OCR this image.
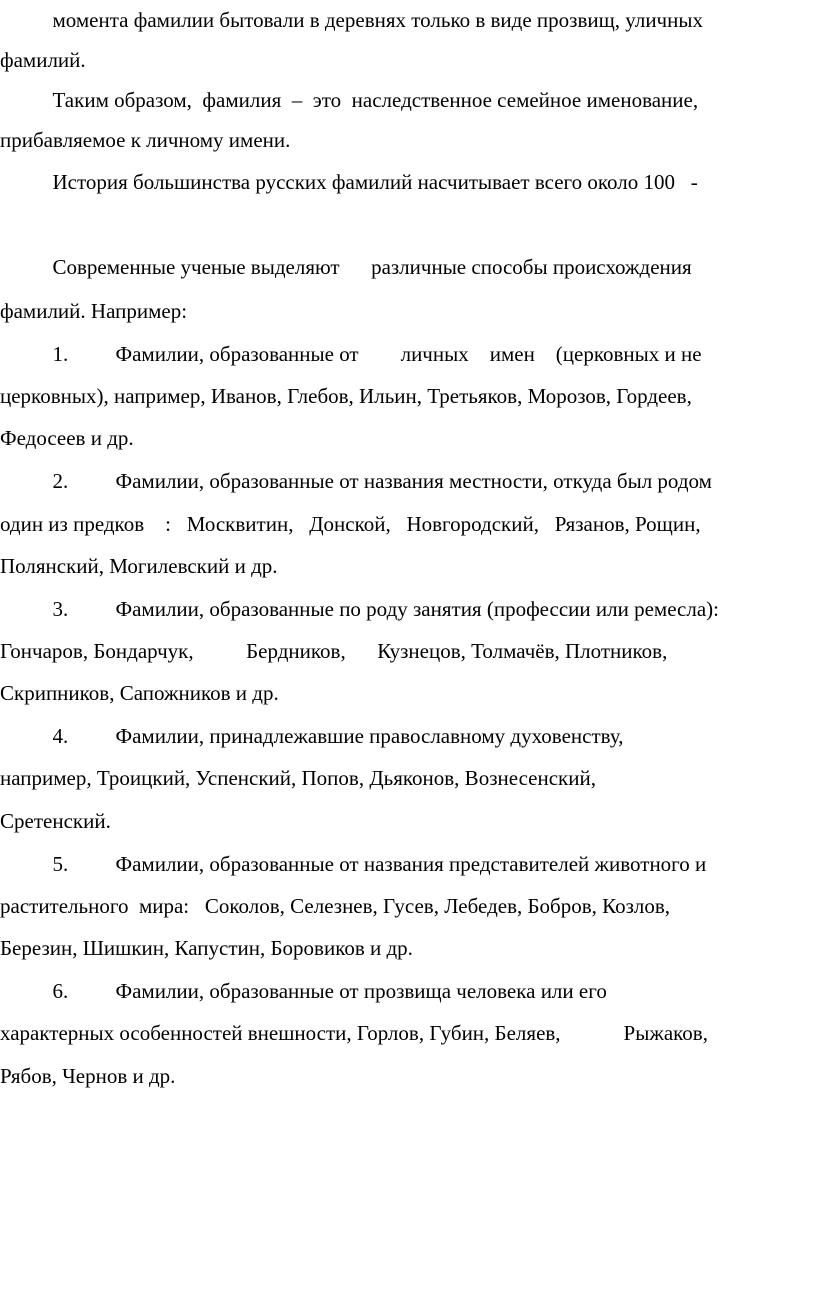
момента фамилии бытовали в деревнях только в виде прозвищ, уличных
фамилий.
Таким образом,  фамилия  –  это  наследственное семейное именование,
прибавляемое к личному имени.
История большинства русских фамилий насчитывает всего около 100   -
Современные ученые выделяют      различные способы происхождения
фамилий. Например:
1.         Фамилии, образованные от        личных    имен    (церковных и не
церковных), например, Иванов, Глебов, Ильин, Третьяков, Морозов, Гордеев,
Федосеев и др.
2.         Фамилии, образованные от названия местности, откуда был родом
один из предков    :   Москвитин,   Донской,   Новгородский,   Рязанов, Рощин,
Полянский, Могилевский и др.
3.         Фамилии, образованные по роду занятия (профессии или ремесла):
Гончаров, Бондарчук,          Бердников,      Кузнецов, Толмачёв, Плотников,
Скрипников, Сапожников и др.
4.         Фамилии, принадлежавшие православному духовенству,
например, Троицкий, Успенский, Попов, Дьяконов, Вознесенский,
Сретенский.
5.         Фамилии, образованные от названия представителей животного и
растительного  мира:   Соколов, Селезнев, Гусев, Лебедев, Бобров, Козлов,
Березин, Шишкин, Капустин, Боровиков и др.
6.         Фамилии, образованные от прозвища человека или его
характерных особенностей внешности, Горлов, Губин, Беляев,            Рыжаков,
Рябов, Чернов и др.
